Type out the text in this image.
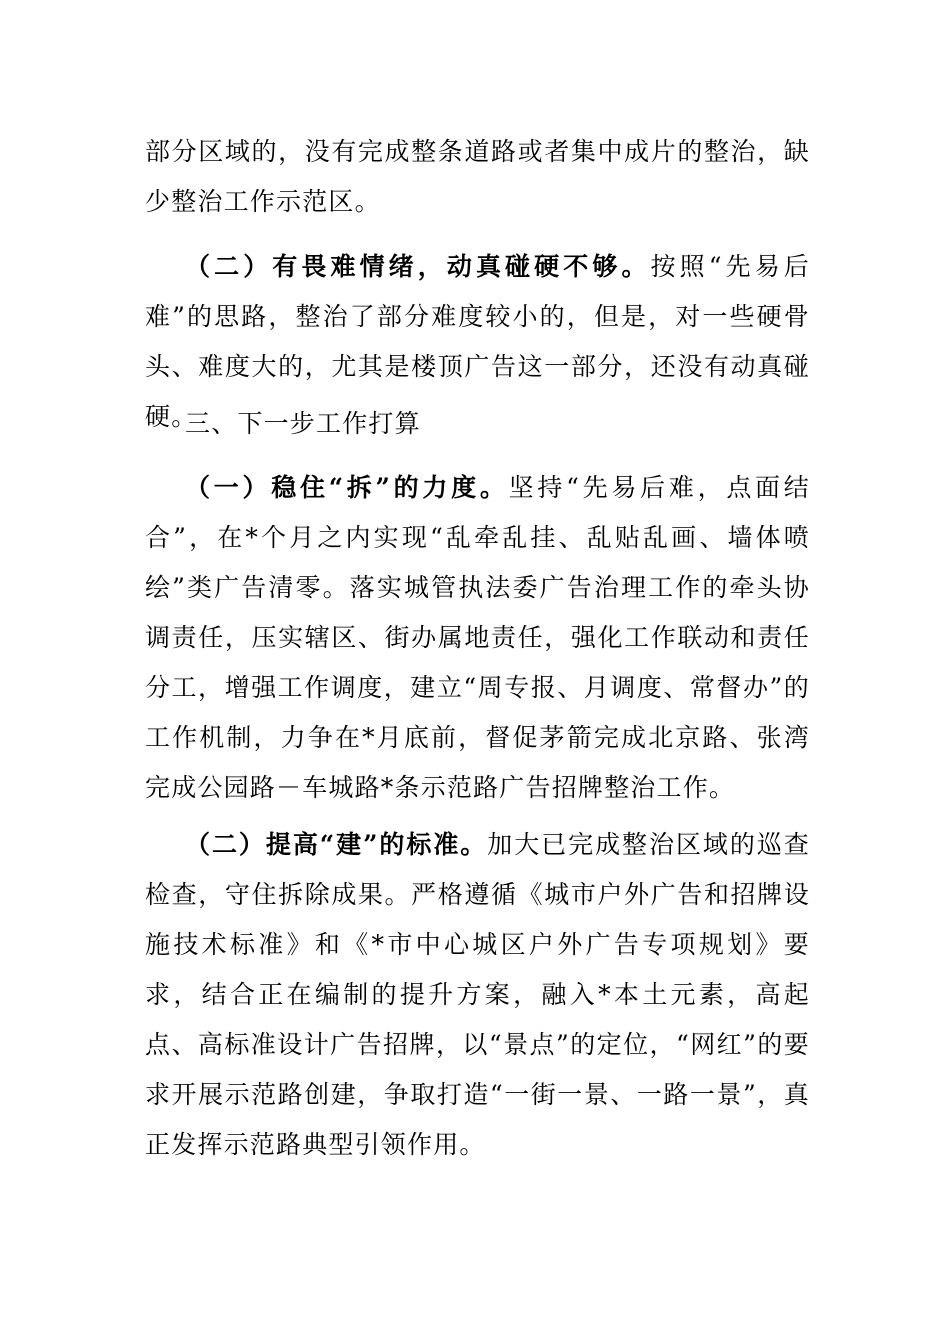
部分区域的，没有完成整条道路或者集中成片的整治，缺少整治工作示范区。

（二）有畏难情绪，动真碰硬不够。按照“先易后难”的思路，整治了部分难度较小的，但是，对一些硬骨头、难度大的，尤其是楼顶广告这一部分，还没有动真碰硬。

三、下一步工作打算

（一）稳住“拆”的力度。坚持“先易后难，点面结合”，在*个月之内实现“乱牵乱挂、乱贴乱画、墙体喷绘”类广告清零。落实城管执法委广告治理工作的牵头协调责任，压实辖区、街办属地责任，强化工作联动和责任分工，增强工作调度，建立“周专报、月调度、常督办”的工作机制，力争在*月底前，督促茅箭完成北京路、张湾完成公园路－车城路*条示范路广告招牌整治工作。

（二）提高“建”的标准。加大已完成整治区域的巡查检查，守住拆除成果。严格遵循《城市户外广告和招牌设施技术标准》和《*市中心城区户外广告专项规划》要求，结合正在编制的提升方案，融入*本土元素，高起点、高标准设计广告招牌，以“景点”的定位，“网红”的要求开展示范路创建，争取打造“一街一景、一路一景”，真正发挥示范路典型引领作用。
